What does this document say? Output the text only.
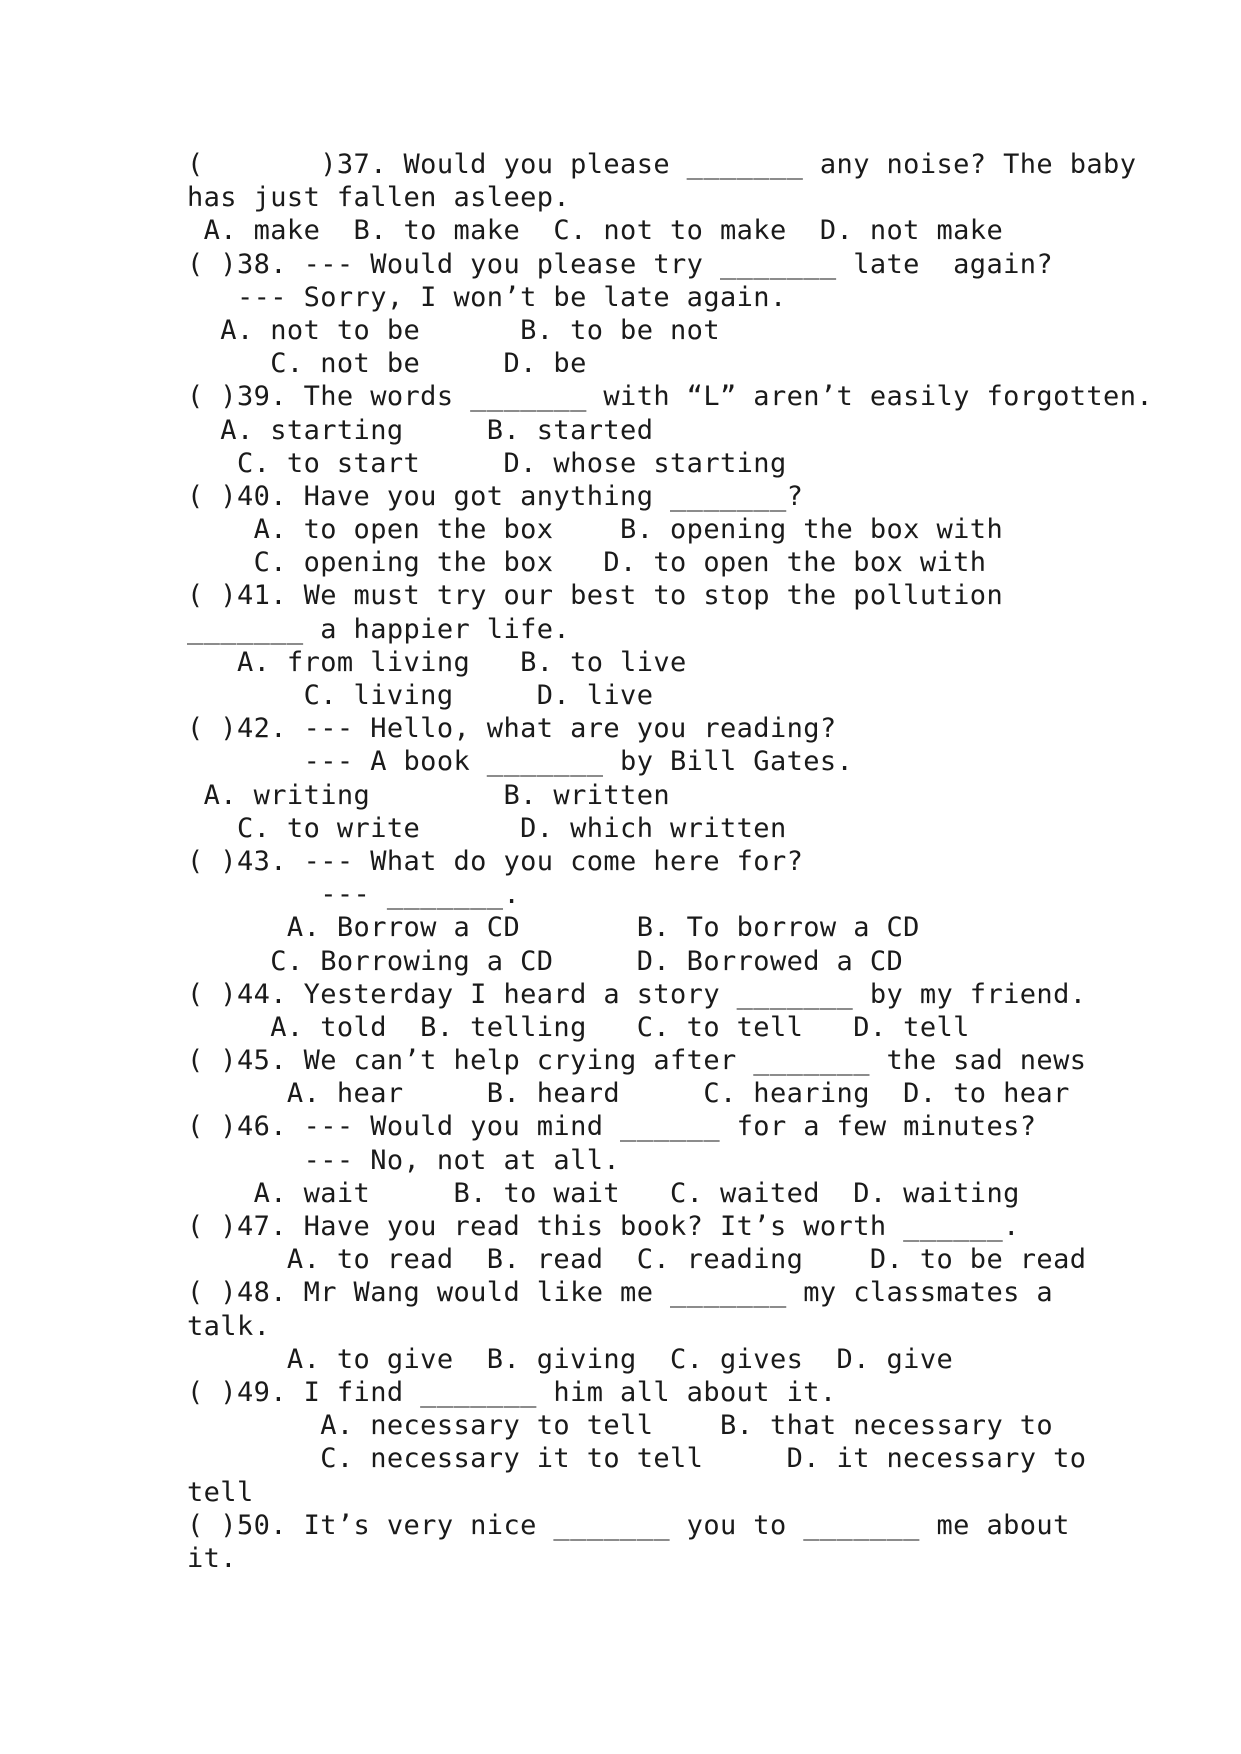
(       )37. Would you please _______ any noise? The baby
has just fallen asleep.
A. make  B. to make  C. not to make  D. not make
( )38. --- Would you please try _______ late  again?
--- Sorry, I won’t be late again.
A. not to be      B. to be not
C. not be     D. be
( )39. The words _______ with “L” aren’t easily forgotten.
A. starting     B. started
C. to start     D. whose starting
( )40. Have you got anything _______?
A. to open the box    B. opening the box with
C. opening the box   D. to open the box with
( )41. We must try our best to stop the pollution
_______ a happier life.
A. from living   B. to live
C. living     D. live
( )42. --- Hello, what are you reading?
--- A book _______ by Bill Gates.
A. writing        B. written
C. to write      D. which written
( )43. --- What do you come here for?
--- _______.
A. Borrow a CD       B. To borrow a CD
C. Borrowing a CD     D. Borrowed a CD
( )44. Yesterday I heard a story _______ by my friend.
A. told  B. telling   C. to tell   D. tell
( )45. We can’t help crying after _______ the sad news
A. hear     B. heard     C. hearing  D. to hear
( )46. --- Would you mind ______ for a few minutes?
--- No, not at all.
A. wait     B. to wait   C. waited  D. waiting
( )47. Have you read this book? It’s worth ______.
A. to read  B. read  C. reading    D. to be read
( )48. Mr Wang would like me _______ my classmates a
talk.
A. to give  B. giving  C. gives  D. give
( )49. I find _______ him all about it.
A. necessary to tell    B. that necessary to
C. necessary it to tell     D. it necessary to
tell
( )50. It’s very nice _______ you to _______ me about
it.
